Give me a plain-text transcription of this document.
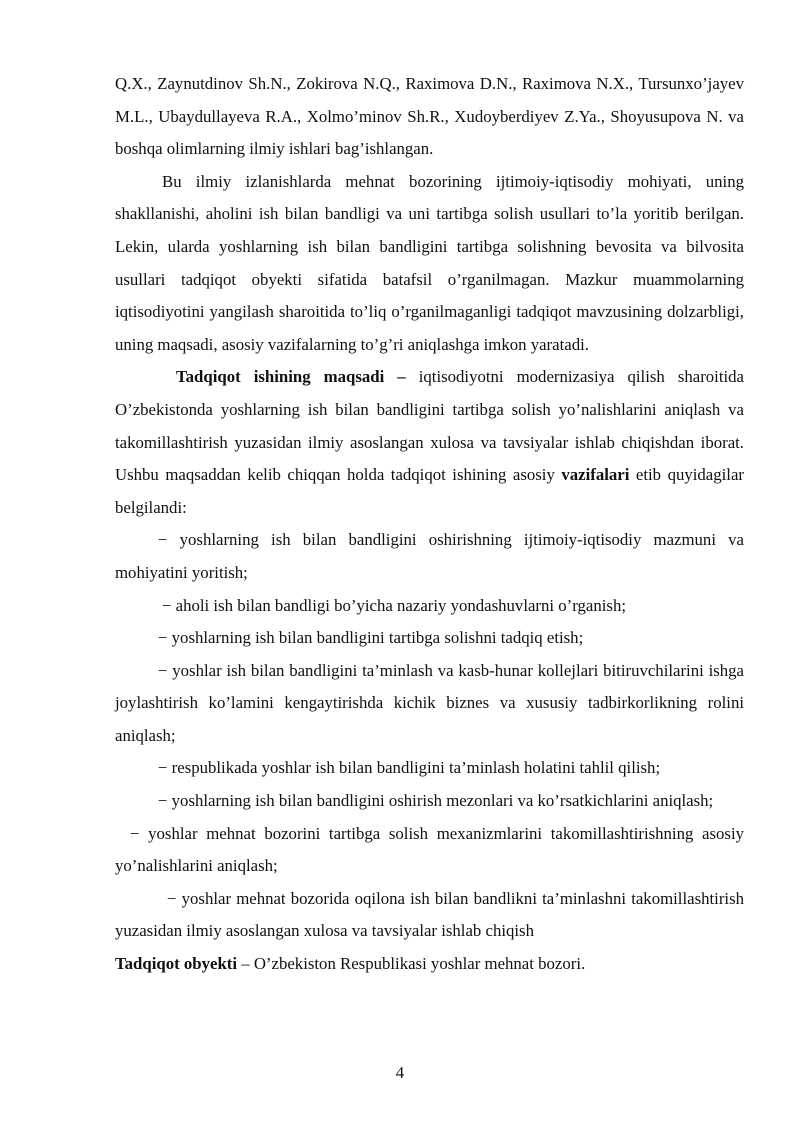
Q.X., Zaynutdinov Sh.N., Zokirova N.Q., Raximova D.N., Raximova N.X., Tursunxo’jayev M.L., Ubaydullayeva R.A., Xolmo’minov Sh.R., Xudoyberdiyev Z.Ya., Shoyusupova N. va boshqa olimlarning ilmiy ishlari bag’ishlangan.

Bu ilmiy izlanishlarda mehnat bozorining ijtimoiy-iqtisodiy mohiyati, uning shakllanishi, aholini ish bilan bandligi va uni tartibga solish usullari to’la yoritib berilgan. Lekin, ularda yoshlarning ish bilan bandligini tartibga solishning bevosita va bilvosita usullari tadqiqot obyekti sifatida batafsil o’rganilmagan. Mazkur muammolarning iqtisodiyotini yangilash sharoitida to’liq o’rganilmaganligi tadqiqot mavzusining dolzarbligi, uning maqsadi, asosiy vazifalarning to’g’ri aniqlashga imkon yaratadi.

Tadqiqot ishining maqsadi – iqtisodiyotni modernizasiya qilish sharoitida O’zbekistonda yoshlarning ish bilan bandligini tartibga solish yo’nalishlarini aniqlash va takomillashtirish yuzasidan ilmiy asoslangan xulosa va tavsiyalar ishlab chiqishdan iborat. Ushbu maqsaddan kelib chiqqan holda tadqiqot ishining asosiy vazifalari etib quyidagilar belgilandi:

− yoshlarning ish bilan bandligini oshirishning ijtimoiy-iqtisodiy mazmuni va mohiyatini yoritish;

− aholi ish bilan bandligi bo’yicha nazariy yondashuvlarni o’rganish;

− yoshlarning ish bilan bandligini tartibga solishni tadqiq etish;

− yoshlar ish bilan bandligini ta’minlash va kasb-hunar kollejlari bitiruvchilarini ishga joylashtirish ko’lamini kengaytirishda kichik biznes va xususiy tadbirkorlikning rolini aniqlash;

− respublikada yoshlar ish bilan bandligini ta’minlash holatini tahlil qilish;

− yoshlarning ish bilan bandligini oshirish mezonlari va ko’rsatkichlarini aniqlash;

− yoshlar mehnat bozorini tartibga solish mexanizmlarini takomillashtirishning asosiy yo’nalishlarini aniqlash;

− yoshlar mehnat bozorida oqilona ish bilan bandlikni ta’minlashni takomillashtirish yuzasidan ilmiy asoslangan xulosa va tavsiyalar ishlab chiqish

Tadqiqot obyekti – O’zbekiston Respublikasi yoshlar mehnat bozori.

4
